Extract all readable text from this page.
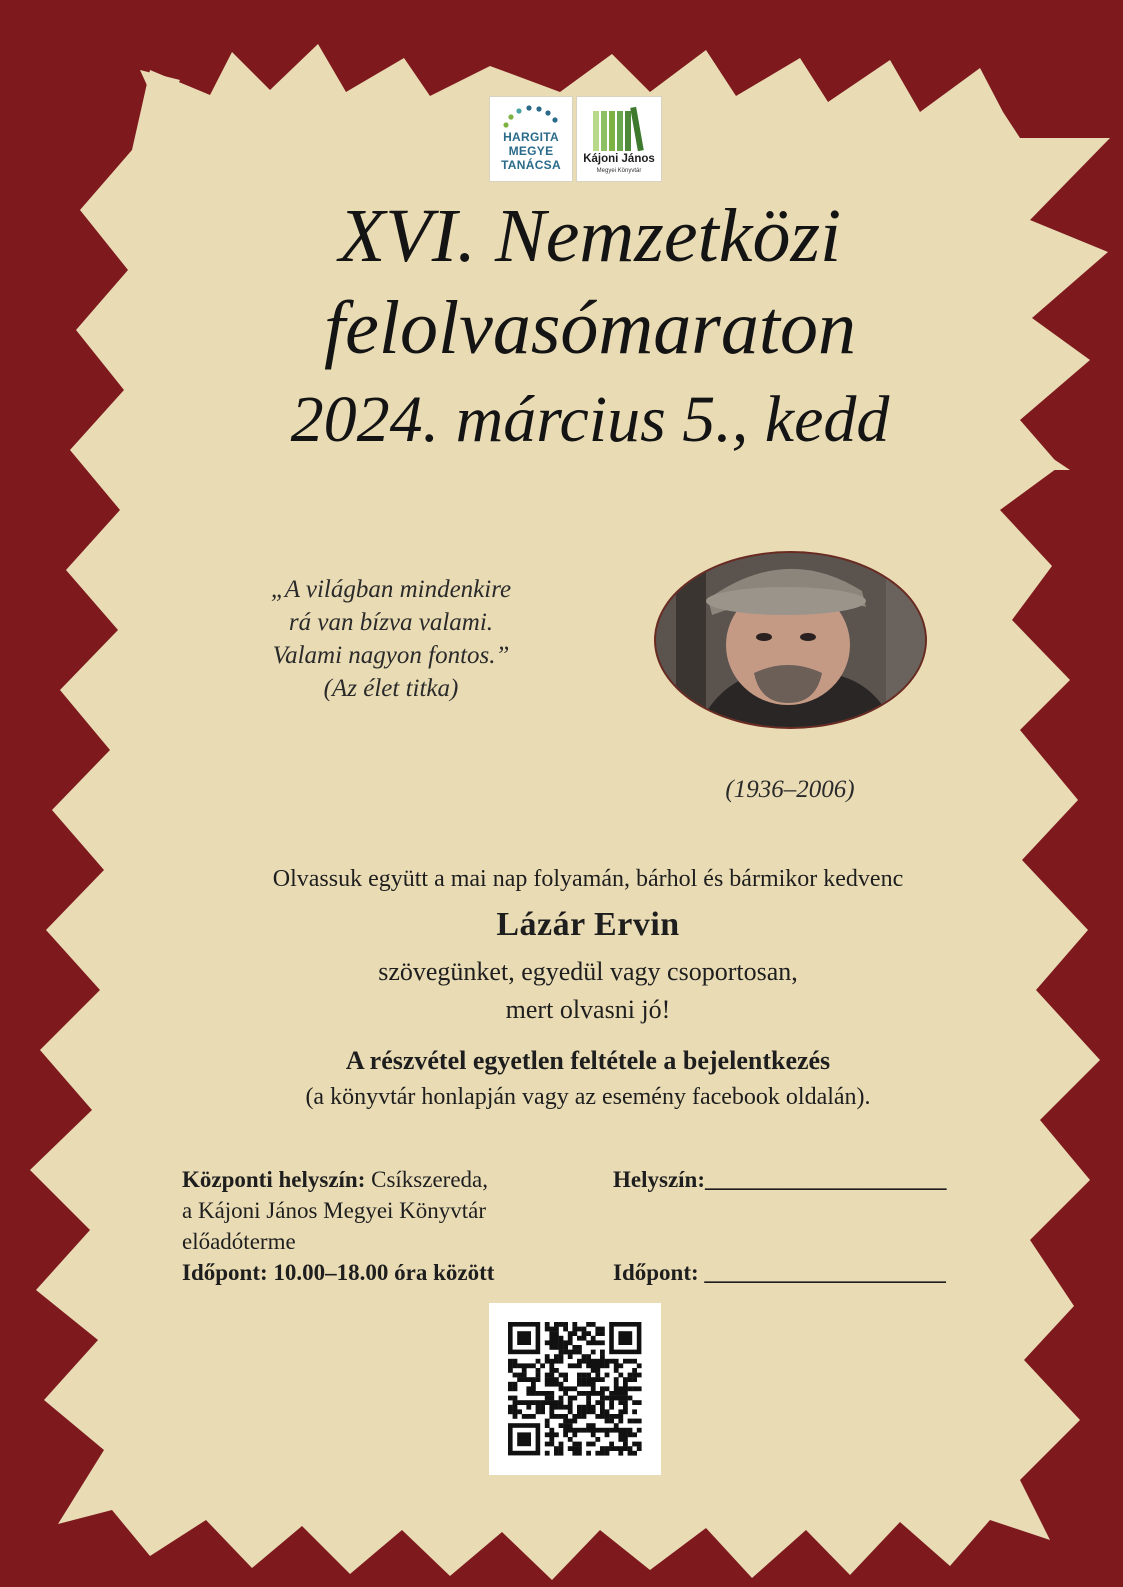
HARGITA
MEGYE
TANÁCSA	Kájoni János
Megyei Könyvtár
XVI. Nemzetközi
felolvasómaraton
2024. március 5., kedd
„A világban mindenkire
rá van bízva valami.
Valami nagyon fontos.”
(Az élet titka)
(1936–2006)
Olvassuk együtt a mai nap folyamán, bárhol és bármikor kedvenc
Lázár Ervin
szövegünket, egyedül vagy csoportosan,
mert olvasni jó!
A részvétel egyetlen feltétele a bejelentkezés
(a könyvtár honlapján vagy az esemény facebook oldalán).
Központi helyszín: Csíkszereda,
a Kájoni János Megyei Könyvtár
előadóterme
Időpont: 10.00–18.00 óra között
Helyszín:_____________________
Időpont: _____________________
